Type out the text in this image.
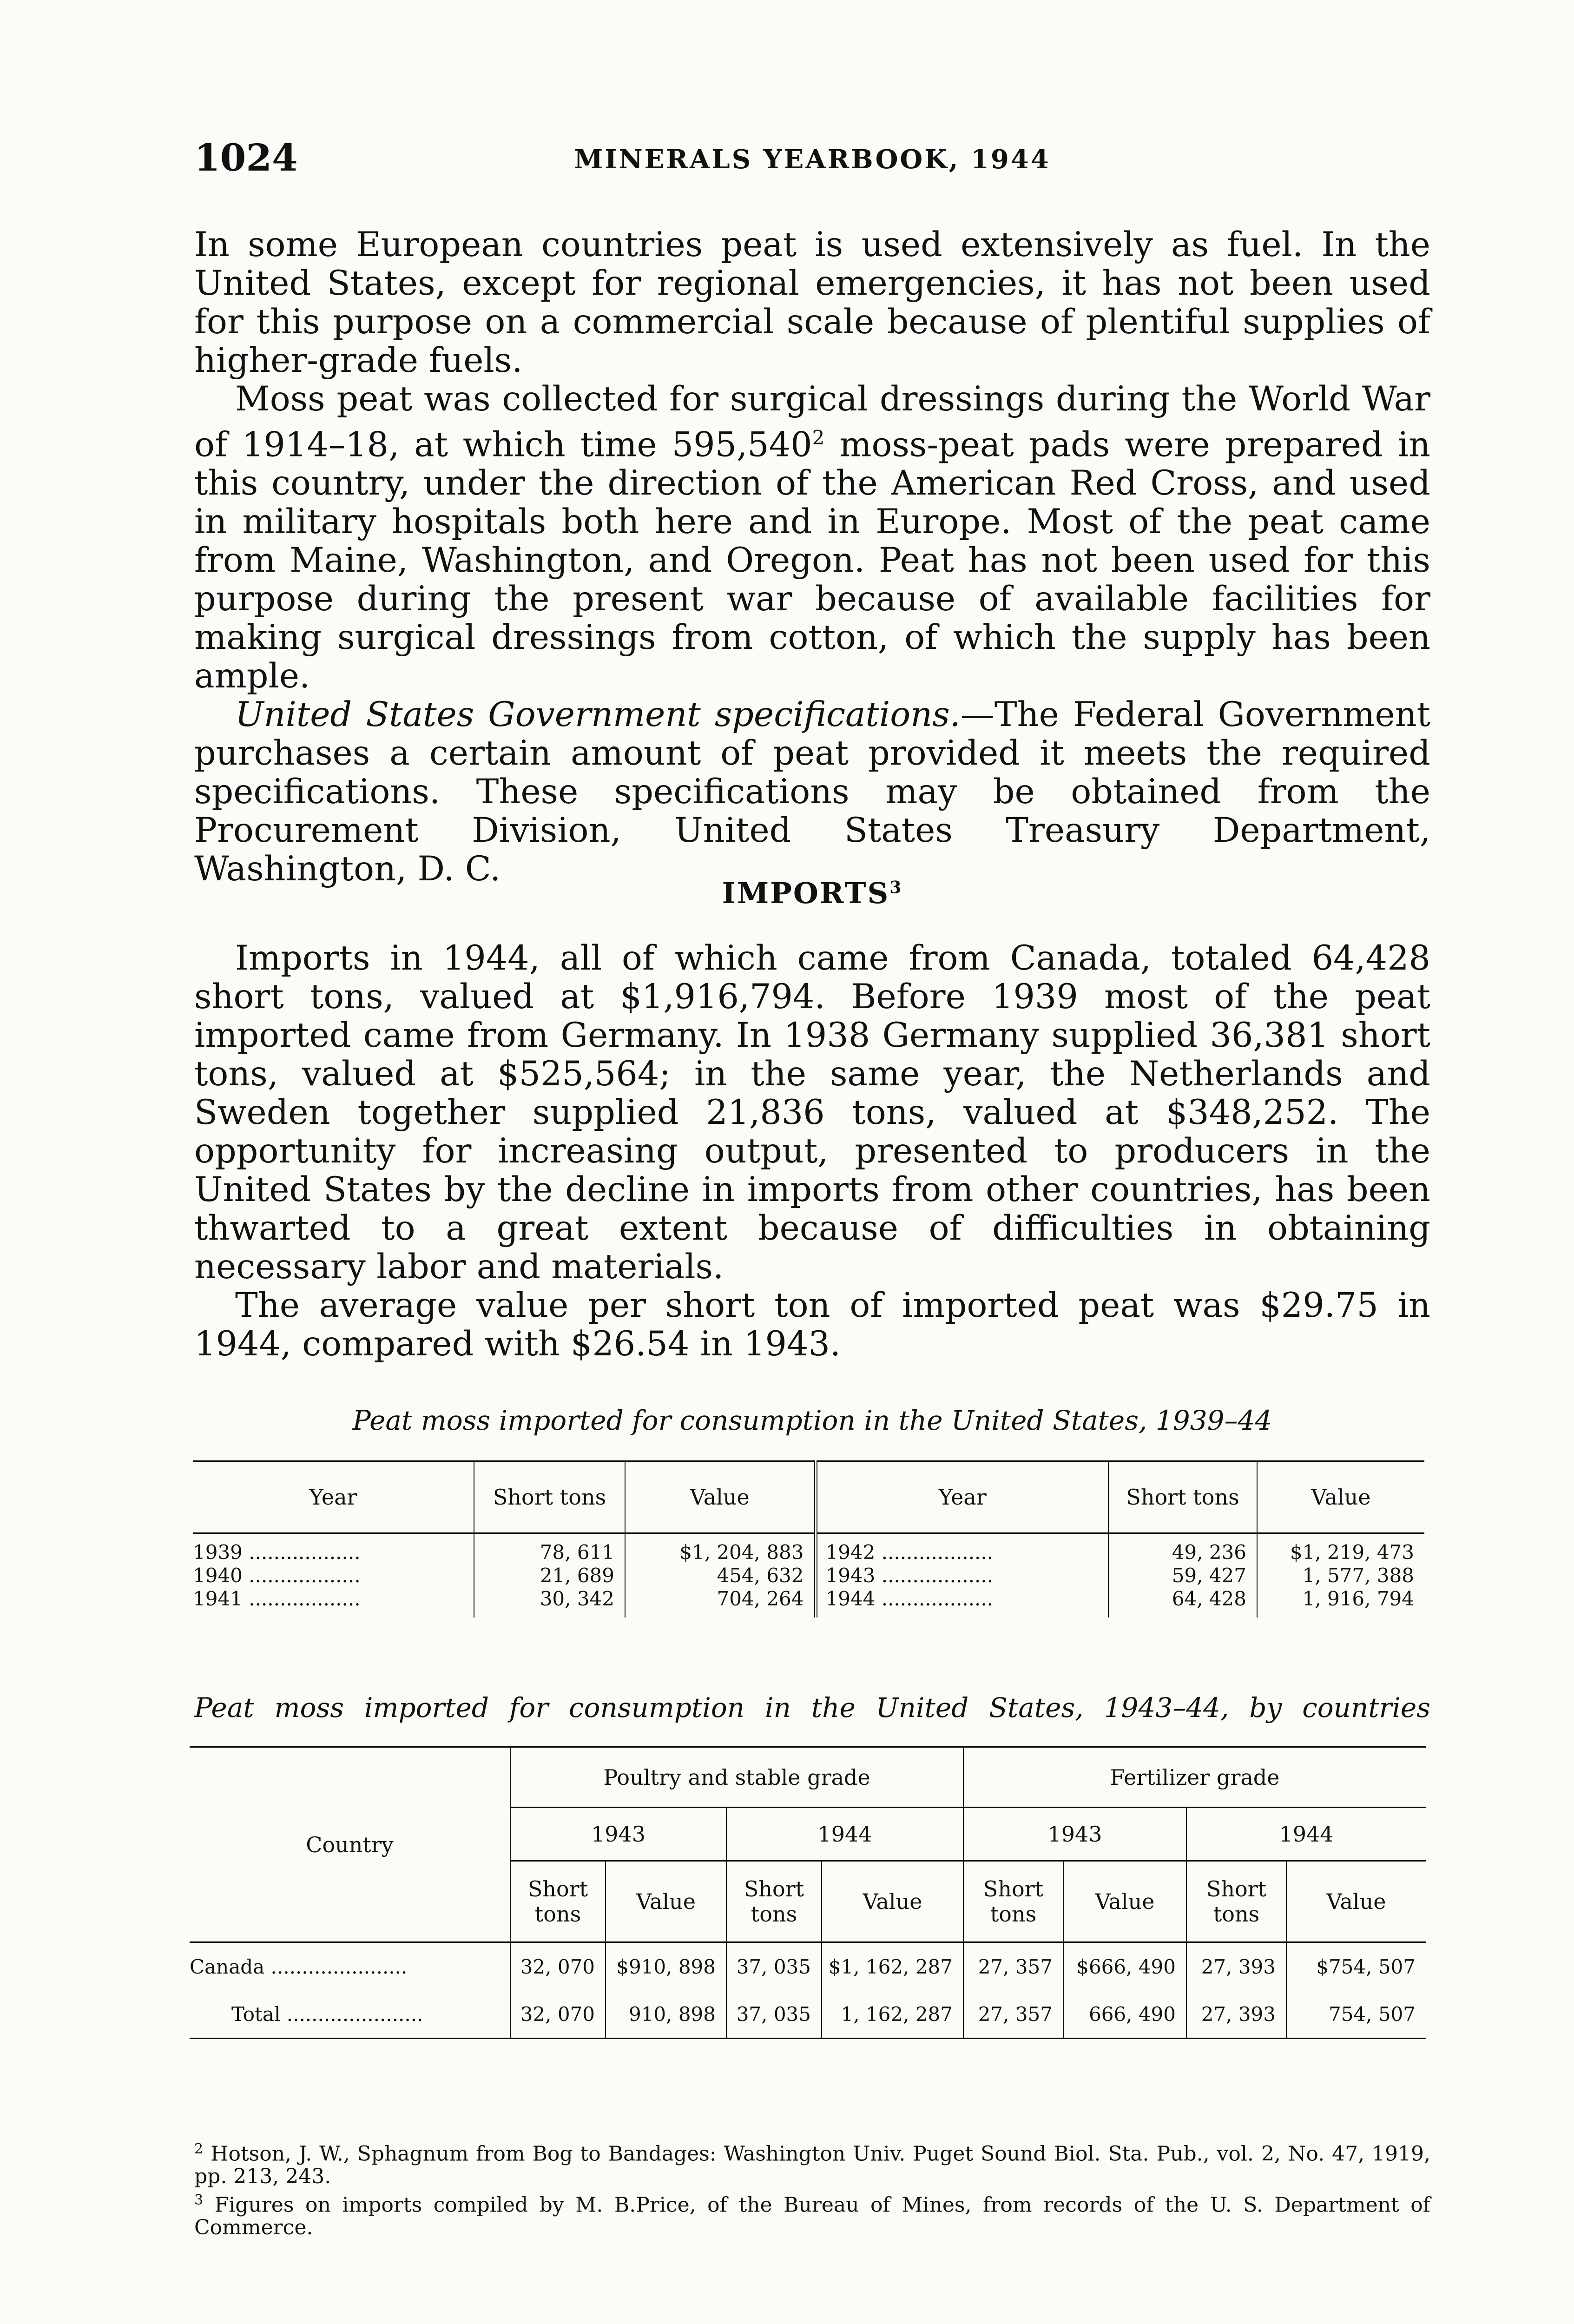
1024	MINERALS YEARBOOK, 1944

In some European countries peat is used extensively as fuel. In the United States, except for regional emergencies, it has not been used for this purpose on a commercial scale because of plentiful supplies of higher-grade fuels.

Moss peat was collected for surgical dressings during the World War of 1914–18, at which time 595,540$^2$ moss-peat pads were prepared in this country, under the direction of the American Red Cross, and used in military hospitals both here and in Europe. Most of the peat came from Maine, Washington, and Oregon. Peat has not been used for this purpose during the present war because of available facilities for making surgical dressings from cotton, of which the supply has been ample.

United States Government specifications.—The Federal Government purchases a certain amount of peat provided it meets the required specifications. These specifications may be obtained from the Procurement Division, United States Treasury Department, Washington, D. C.

IMPORTS$^3$

Imports in 1944, all of which came from Canada, totaled 64,428 short tons, valued at $1,916,794. Before 1939 most of the peat imported came from Germany. In 1938 Germany supplied 36,381 short tons, valued at $525,564; in the same year, the Netherlands and Sweden together supplied 21,836 tons, valued at $348,252. The opportunity for increasing output, presented to producers in the United States by the decline in imports from other countries, has been thwarted to a great extent because of difficulties in obtaining necessary labor and materials.

The average value per short ton of imported peat was $29.75 in 1944, compared with $26.54 in 1943.

Peat moss imported for consumption in the United States, 1939–44
Year	Short tons	Value	Year	Short tons	Value
1939 ..................	78, 611	$1, 204, 883	1942 ..................	49, 236	$1, 219, 473
1940 ..................	21, 689	454, 632	1943 ..................	59, 427	1, 577, 388
1941 ..................	30, 342	704, 264	1944 ..................	64, 428	1, 916, 794
Peat moss imported for consumption in the United States, 1943–44, by countries
Country	Poultry and stable grade				Fertilizer grade			
	1943		1944		1943		1944	
	Short tons	Value	Short tons	Value	Short tons	Value	Short tons	Value
Canada ......................	32, 070	$910, 898	37, 035	$1, 162, 287	27, 357	$666, 490	27, 393	$754, 507
Total ......................	32, 070	910, 898	37, 035	1, 162, 287	27, 357	666, 490	27, 393	754, 507
$^2$ Hotson, J. W., Sphagnum from Bog to Bandages: Washington Univ. Puget Sound Biol. Sta. Pub., vol. 2, No. 47, 1919, pp. 213, 243.
$^3$ Figures on imports compiled by M. B.Price, of the Bureau of Mines, from records of the U. S. Department of Commerce.
